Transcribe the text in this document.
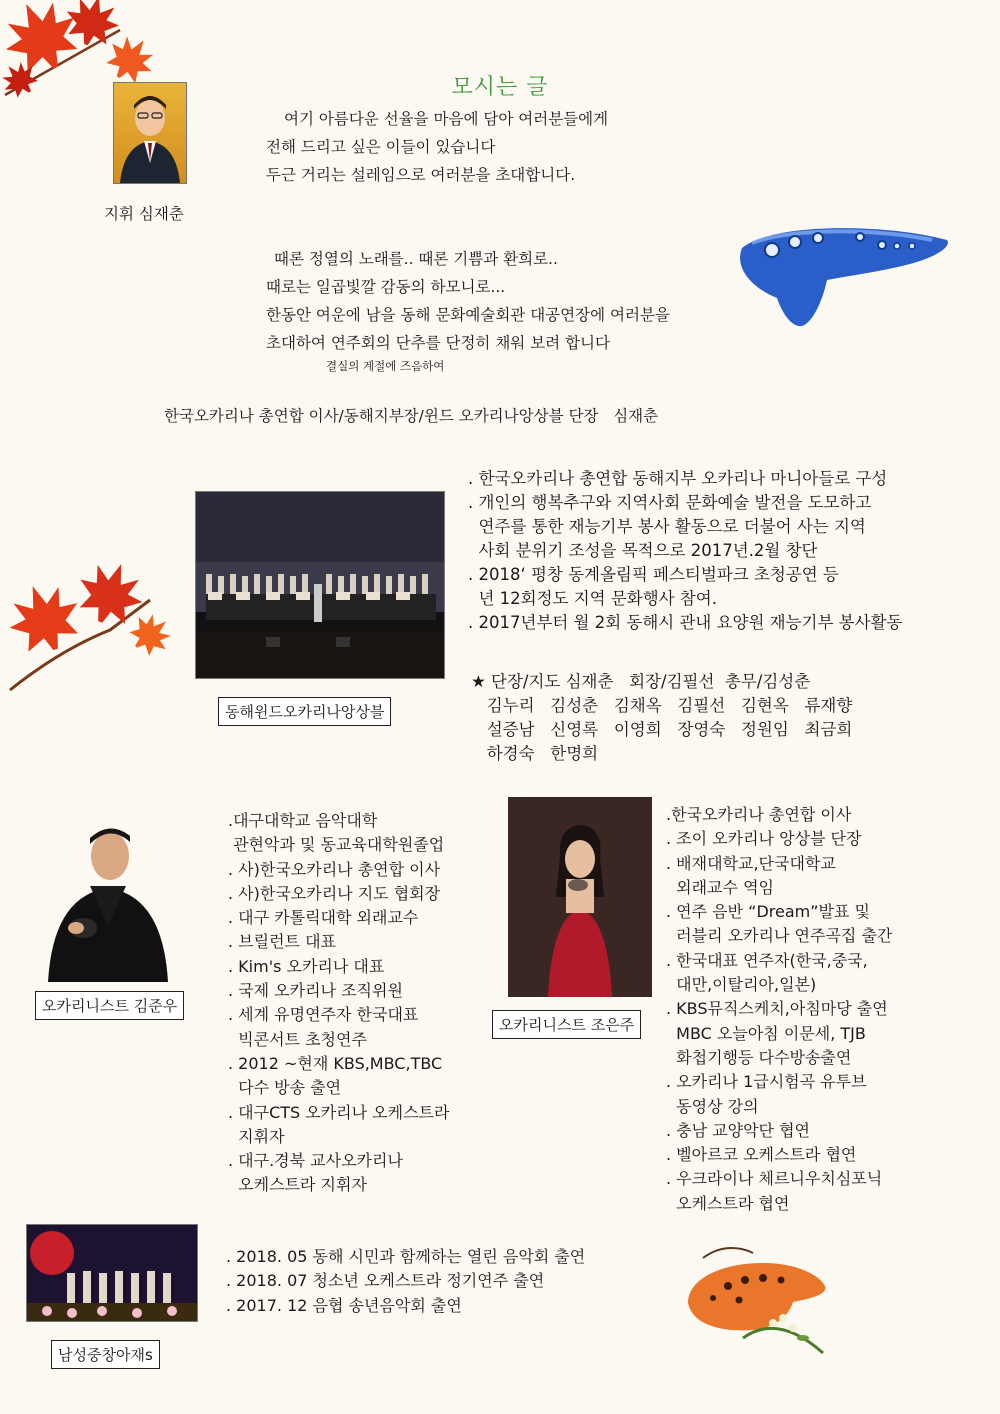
모시는 글
지휘 심재춘
여기 아름다운 선율을 마음에 담아 여러분들에게
전해 드리고 싶은 이들이 있습니다
두근 거리는 설레임으로 여러분을 초대합니다.
때론 정열의 노래를.. 때론 기쁨과 환희로..
때로는 일곱빛깔 감동의 하모니로...
한동안 여운에 남을 동해 문화예술회관 대공연장에 여러분을
초대하여 연주회의 단추를 단정히 채워 보려 합니다
결실의 계절에 즈음하여
한국오카리나 총연합 이사/동해지부장/윈드 오카리나앙상블 단장   심재춘
동해윈드오카리나앙상블
. 한국오카리나 총연합 동해지부 오카리나 마니아들로 구성
. 개인의 행복추구와 지역사회 문화예술 발전을 도모하고
연주를 통한 재능기부 봉사 활동으로 더불어 사는 지역
사회 분위기 조성을 목적으로 2017년.2월 창단
. 2018‘ 평창 동계올림픽 페스티벌파크 초청공연 등
년 12회정도 지역 문화행사 참여.
. 2017년부터 월 2회 동해시 관내 요양원 재능기부 봉사활동
★ 단장/지도 심재춘   회장/김필선  총무/김성춘
김누리   김성춘   김채옥   김필선   김현옥   류재향
설증남   신영록   이영희   장영숙   정원임   최금희
하경숙   한명희
오카리니스트 김준우
.대구대학교 음악대학
관현악과 및 동교육대학원졸업
. 사)한국오카리나 총연합 이사
. 사)한국오카리나 지도 협회장
. 대구 카톨릭대학 외래교수
. 브릴런트 대표
. Kim's 오카리나 대표
. 국제 오카리나 조직위원
. 세계 유명연주자 한국대표
빅콘서트 초청연주
. 2012 ~현재 KBS,MBC,TBC
다수 방송 출연
. 대구CTS 오카리나 오케스트라
지휘자
. 대구.경북 교사오카리나
오케스트라 지휘자
오카리니스트 조은주
.한국오카리나 총연합 이사
. 조이 오카리나 앙상블 단장
. 배재대학교,단국대학교
외래교수 역임
. 연주 음반 “Dream”발표 및
러블리 오카리나 연주곡집 출간
. 한국대표 연주자(한국,중국,
대만,이탈리아,일본)
. KBS뮤직스케치,아침마당 출연
MBC 오늘아침 이문세, TJB
화첩기행등 다수방송출연
. 오카리나 1급시험곡 유투브
동영상 강의
. 충남 교양악단 협연
. 벨아르코 오케스트라 협연
. 우크라이나 체르니우치심포닉
오케스트라 협연
남성중창아재s
. 2018. 05 동해 시민과 함께하는 열린 음악회 출연
. 2018. 07 청소년 오케스트라 정기연주 출연
. 2017. 12 음협 송년음악회 출연
